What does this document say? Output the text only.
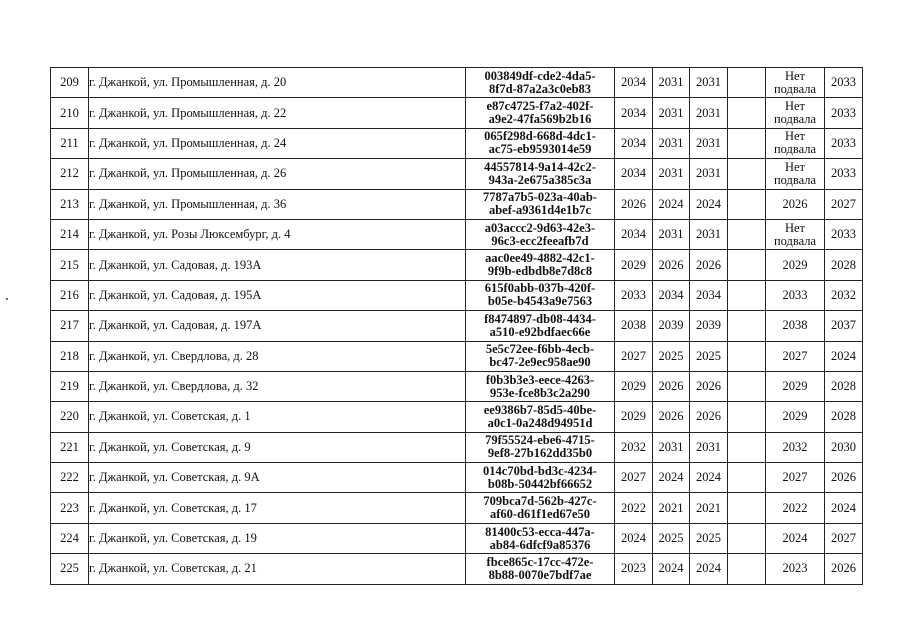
209	г. Джанкой, ул. Промышленная, д. 20	003849df-cde2-4da5-
8f7d-87a2a3c0eb83	2034	2031	2031		Нет подвала	2033
210	г. Джанкой, ул. Промышленная, д. 22	e87c4725-f7a2-402f-
a9e2-47fa569b2b16	2034	2031	2031		Нет подвала	2033
211	г. Джанкой, ул. Промышленная, д. 24	065f298d-668d-4dc1-
ac75-eb9593014e59	2034	2031	2031		Нет подвала	2033
212	г. Джанкой, ул. Промышленная, д. 26	44557814-9a14-42c2-
943a-2e675a385c3a	2034	2031	2031		Нет подвала	2033
213	г. Джанкой, ул. Промышленная, д. 36	7787a7b5-023a-40ab-
abef-a9361d4e1b7c	2026	2024	2024		2026	2027
214	г. Джанкой, ул. Розы Люксембург, д. 4	a03accc2-9d63-42e3-
96c3-ecc2feeafb7d	2034	2031	2031		Нет подвала	2033
215	г. Джанкой, ул. Садовая, д. 193А	aac0ee49-4882-42c1-
9f9b-edbdb8e7d8c8	2029	2026	2026		2029	2028
216	г. Джанкой, ул. Садовая, д. 195А	615f0abb-037b-420f-
b05e-b4543a9e7563	2033	2034	2034		2033	2032
217	г. Джанкой, ул. Садовая, д. 197А	f8474897-db08-4434-
a510-e92bdfaec66e	2038	2039	2039		2038	2037
218	г. Джанкой, ул. Свердлова, д. 28	5e5c72ee-f6bb-4ecb-
bc47-2e9ec958ae90	2027	2025	2025		2027	2024
219	г. Джанкой, ул. Свердлова, д. 32	f0b3b3e3-eece-4263-
953e-fce8b3c2a290	2029	2026	2026		2029	2028
220	г. Джанкой, ул. Советская, д. 1	ee9386b7-85d5-40be-
a0c1-0a248d94951d	2029	2026	2026		2029	2028
221	г. Джанкой, ул. Советская, д. 9	79f55524-ebe6-4715-
9ef8-27b162dd35b0	2032	2031	2031		2032	2030
222	г. Джанкой, ул. Советская, д. 9А	014c70bd-bd3c-4234-
b08b-50442bf66652	2027	2024	2024		2027	2026
223	г. Джанкой, ул. Советская, д. 17	709bca7d-562b-427c-
af60-d61f1ed67e50	2022	2021	2021		2022	2024
224	г. Джанкой, ул. Советская, д. 19	81400c53-ecca-447a-
ab84-6dfcf9a85376	2024	2025	2025		2024	2027
225	г. Джанкой, ул. Советская, д. 21	fbce865c-17cc-472e-
8b88-0070e7bdf7ae	2023	2024	2024		2023	2026
